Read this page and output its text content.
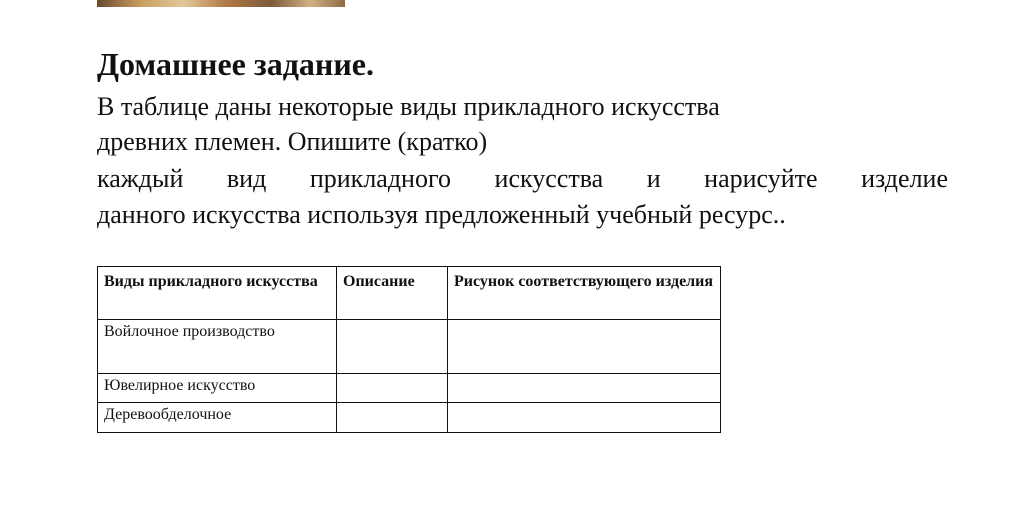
Домашнее задание.

В таблице даны некоторые виды прикладного искусства

древних племен. Опишите (кратко)

каждый вид прикладного искусства и нарисуйте изделие

данного искусства используя предложенный учебный ресурс..

Виды прикладного искусства	Описание	Рисунок соответствующего изделия
Войлочное производство		
Ювелирное искусство		
Деревообделочное		
